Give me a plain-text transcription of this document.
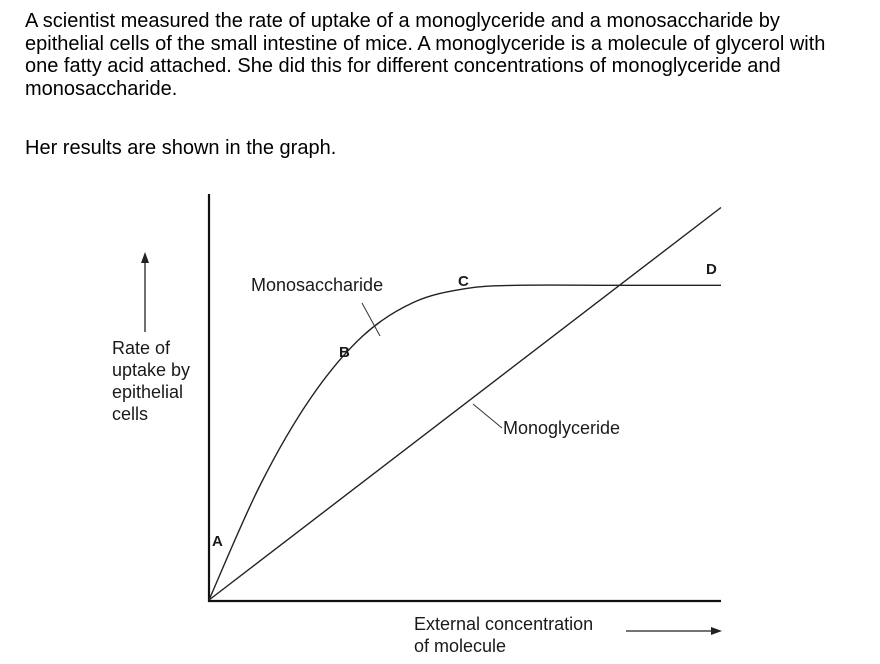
A scientist measured the rate of uptake of a monoglyceride and a monosaccharide by epithelial cells of the small intestine of mice. A monoglyceride is a molecule of glycerol with one fatty acid attached. She did this for different concentrations of monoglyceride and monosaccharide.
Her results are shown in the graph.
Rate of uptake by epithelial cells
Monosaccharide
Monoglyceride
A
B
C
D
External concentration of molecule
